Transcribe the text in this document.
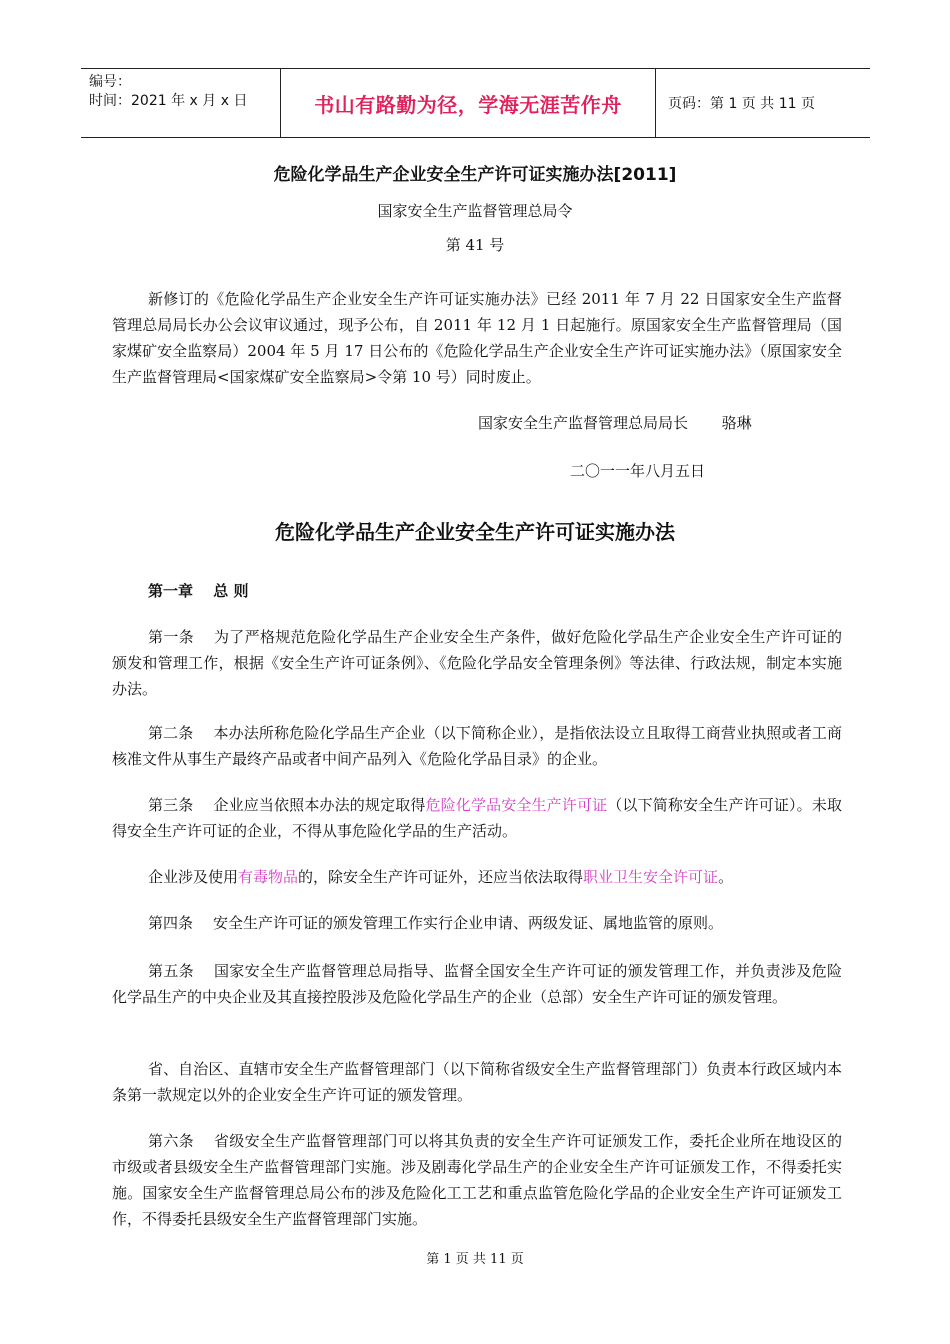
编号：
时间：2021 年 x 月 x 日	书山有路勤为径，学海无涯苦作舟	页码：第 1 页 共 11 页
危险化学品生产企业安全生产许可证实施办法[2011]
国家安全生产监督管理总局令
第 41 号
新修订的《危险化学品生产企业安全生产许可证实施办法》已经 2011 年 7 月 22 日国家安全生产监督管理总局局长办公会议审议通过，现予公布，自 2011 年 12 月 1 日起施行。原国家安全生产监督管理局（国家煤矿安全监察局）2004 年 5 月 17 日公布的《危险化学品生产企业安全生产许可证实施办法》（原国家安全生产监督管理局<国家煤矿安全监察局>令第 10 号）同时废止。
国家安全生产监督管理总局局长 骆琳
二〇一一年八月五日
危险化学品生产企业安全生产许可证实施办法
第一章　 总 则
第一条 为了严格规范危险化学品生产企业安全生产条件，做好危险化学品生产企业安全生产许可证的颁发和管理工作，根据《安全生产许可证条例》、《危险化学品安全管理条例》等法律、行政法规，制定本实施办法。
第二条 本办法所称危险化学品生产企业（以下简称企业），是指依法设立且取得工商营业执照或者工商核准文件从事生产最终产品或者中间产品列入《危险化学品目录》的企业。
第三条 企业应当依照本办法的规定取得危险化学品安全生产许可证（以下简称安全生产许可证）。未取得安全生产许可证的企业，不得从事危险化学品的生产活动。
企业涉及使用有毒物品的，除安全生产许可证外，还应当依法取得职业卫生安全许可证。
第四条 安全生产许可证的颁发管理工作实行企业申请、两级发证、属地监管的原则。
第五条 国家安全生产监督管理总局指导、监督全国安全生产许可证的颁发管理工作，并负责涉及危险化学品生产的中央企业及其直接控股涉及危险化学品生产的企业（总部）安全生产许可证的颁发管理。
省、自治区、直辖市安全生产监督管理部门（以下简称省级安全生产监督管理部门）负责本行政区域内本条第一款规定以外的企业安全生产许可证的颁发管理。
第六条 省级安全生产监督管理部门可以将其负责的安全生产许可证颁发工作，委托企业所在地设区的市级或者县级安全生产监督管理部门实施。涉及剧毒化学品生产的企业安全生产许可证颁发工作，不得委托实施。国家安全生产监督管理总局公布的涉及危险化工工艺和重点监管危险化学品的企业安全生产许可证颁发工作，不得委托县级安全生产监督管理部门实施。
第 1 页 共 11 页
